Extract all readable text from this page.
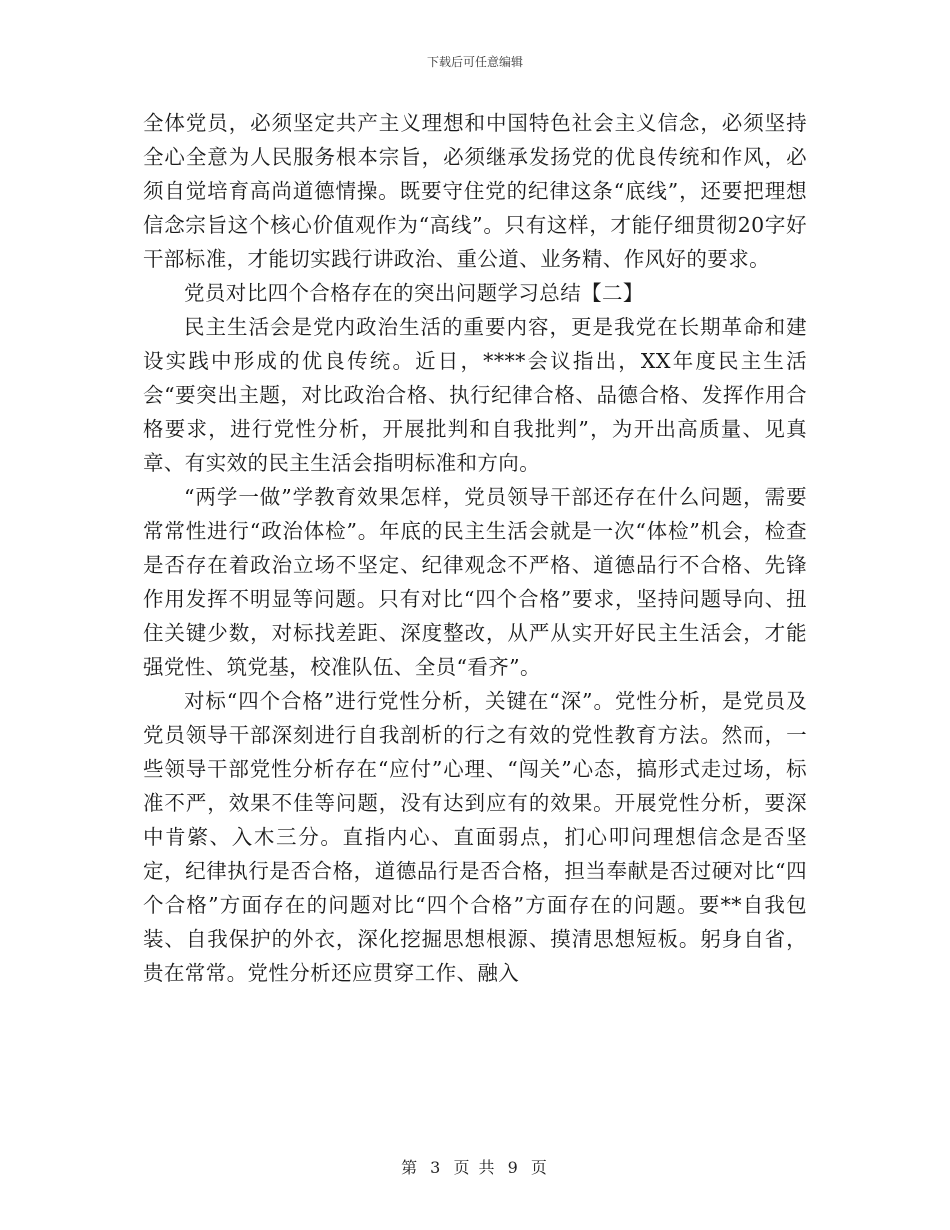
下载后可任意编辑

全体党员，必须坚定共产主义理想和中国特色社会主义信念，必须坚持全心全意为人民服务根本宗旨，必须继承发扬党的优良传统和作风，必须自觉培育高尚道德情操。既要守住党的纪律这条“底线”，还要把理想信念宗旨这个核心价值观作为“高线”。只有这样，才能仔细贯彻20字好干部标准，才能切实践行讲政治、重公道、业务精、作风好的要求。

党员对比四个合格存在的突出问题学习总结【二】

民主生活会是党内政治生活的重要内容，更是我党在长期革命和建设实践中形成的优良传统。近日，****会议指出，XX年度民主生活会“要突出主题，对比政治合格、执行纪律合格、品德合格、发挥作用合格要求，进行党性分析，开展批判和自我批判”，为开出高质量、见真章、有实效的民主生活会指明标准和方向。

“两学一做”学教育效果怎样，党员领导干部还存在什么问题，需要常常性进行“政治体检”。年底的民主生活会就是一次“体检”机会，检查是否存在着政治立场不坚定、纪律观念不严格、道德品行不合格、先锋作用发挥不明显等问题。只有对比“四个合格”要求，坚持问题导向、扭住关键少数，对标找差距、深度整改，从严从实开好民主生活会，才能强党性、筑党基，校准队伍、全员“看齐”。

对标“四个合格”进行党性分析，关键在“深”。党性分析，是党员及党员领导干部深刻进行自我剖析的行之有效的党性教育方法。然而，一些领导干部党性分析存在“应付”心理、“闯关”心态，搞形式走过场，标准不严，效果不佳等问题，没有达到应有的效果。开展党性分析，要深中肯綮、入木三分。直指内心、直面弱点，扪心叩问理想信念是否坚定，纪律执行是否合格，道德品行是否合格，担当奉献是否过硬对比“四个合格”方面存在的问题对比“四个合格”方面存在的问题。要**自我包装、自我保护的外衣，深化挖掘思想根源、摸清思想短板。躬身自省，贵在常常。党性分析还应贯穿工作、融入

第 3 页 共 9 页
